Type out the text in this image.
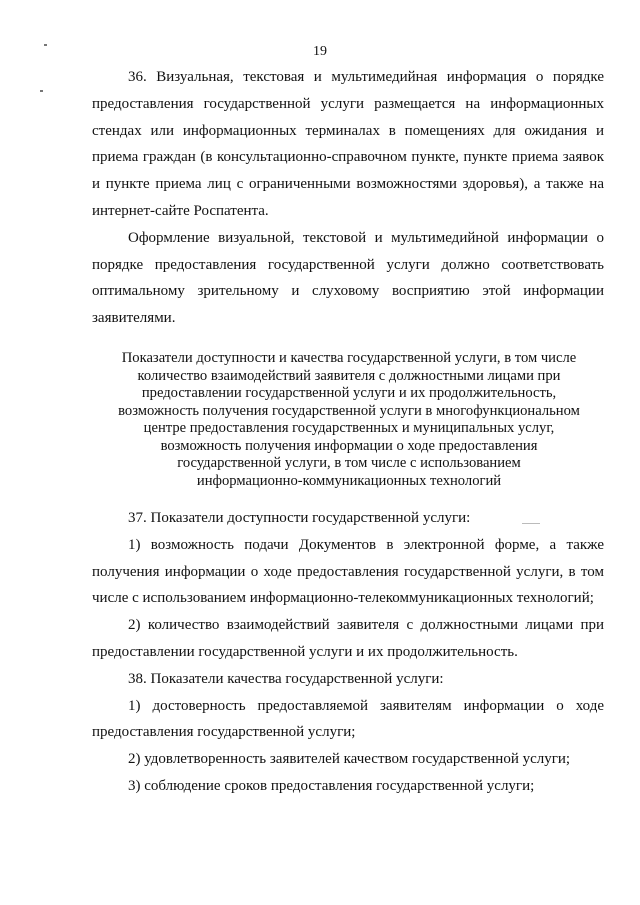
19

36. Визуальная, текстовая и мультимедийная информация о порядке предоставления государственной услуги размещается на информационных стендах или информационных терминалах в помещениях для ожидания и приема граждан (в консультационно-справочном пункте, пункте приема заявок и пункте приема лиц с ограниченными возможностями здоровья), а также на интернет-сайте Роспатента.

Оформление визуальной, текстовой и мультимедийной информации о порядке предоставления государственной услуги должно соответствовать оптимальному зрительному и слуховому восприятию этой информации заявителями.

Показатели доступности и качества государственной услуги, в том числе
количество взаимодействий заявителя с должностными лицами при
предоставлении государственной услуги и их продолжительность,
возможность получения государственной услуги в многофункциональном
центре предоставления государственных и муниципальных услуг,
возможность получения информации о ходе предоставления
государственной услуги, в том числе с использованием
информационно-коммуникационных технологий

37. Показатели доступности государственной услуги:

1) возможность подачи Документов в электронной форме, а также получения информации о ходе предоставления государственной услуги, в том числе с использованием информационно-телекоммуникационных технологий;

2) количество взаимодействий заявителя с должностными лицами при предоставлении государственной услуги и их продолжительность.

38. Показатели качества государственной услуги:

1) достоверность предоставляемой заявителям информации о ходе предоставления государственной услуги;

2) удовлетворенность заявителей качеством государственной услуги;

3) соблюдение сроков предоставления государственной услуги;
